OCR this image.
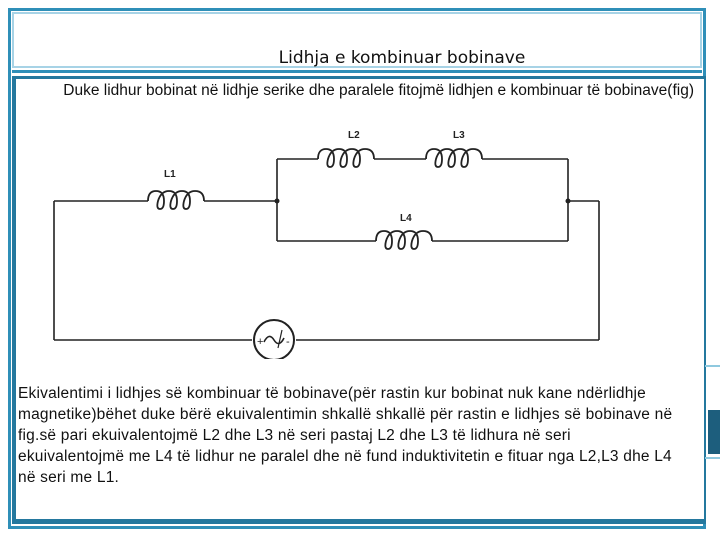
Lidhja e kombinuar bobinave
Duke lidhur bobinat në lidhje serike dhe paralele fitojmë lidhjen e kombinuar të bobinave(fig)
L1
L2	L3
L4
+ -
Ekivalentimi i lidhjes së kombinuar të bobinave(për rastin kur bobinat nuk kane ndërlidhje magnetike)bëhet duke bërë ekuivalentimin shkallë shkallë për rastin e lidhjes së bobinave në fig.së pari ekuivalentojmë L2 dhe L3 në seri pastaj L2 dhe L3 të lidhura në seri ekuivalentojmë me L4 të lidhur ne paralel dhe në fund induktivitetin e fituar nga L2,L3 dhe L4 në seri me L1.
